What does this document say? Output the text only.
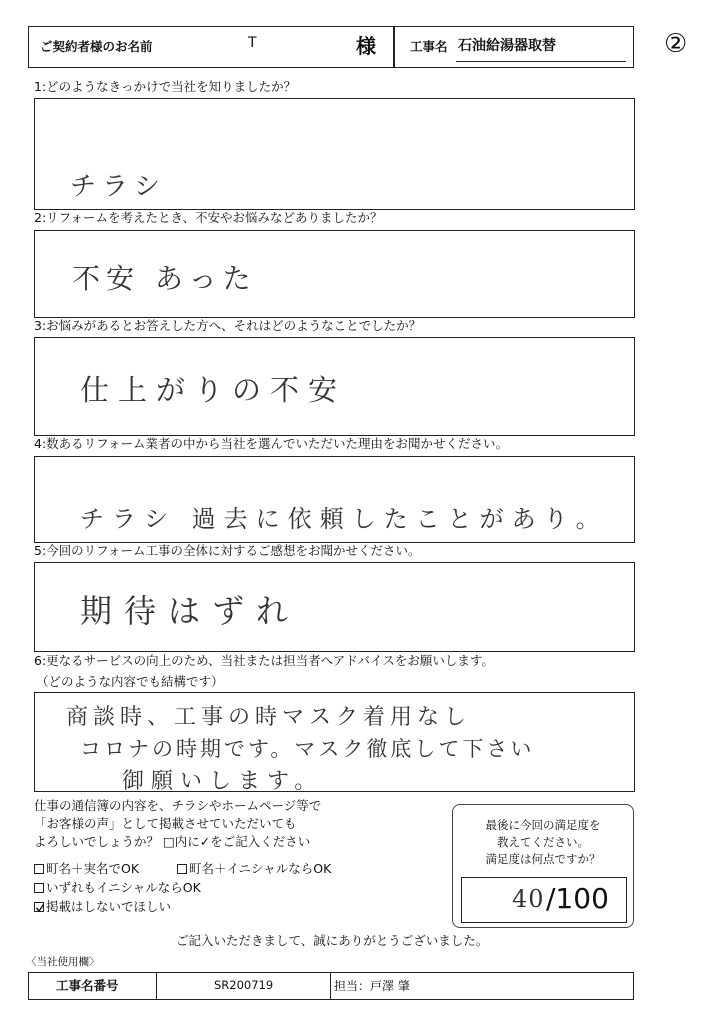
ご契約者様のお名前	T	様	工事名 石油給湯器取替	②
1:どのようなきっかけで当社を知りましたか？
チラシ
2:リフォームを考えたとき、不安やお悩みなどありましたか？
不安 あった
3:お悩みがあるとお答えした方へ、それはどのようなことでしたか？
仕上がりの不安
4:数あるリフォーム業者の中から当社を選んでいただいた理由をお聞かせください。
チラシ 過去に依頼したことがあり。
5:今回のリフォーム工事の全体に対するご感想をお聞かせください。
期待はずれ
6:更なるサービスの向上のため、当社または担当者へアドバイスをお願いします。
（どのような内容でも結構です）
商談時、工事の時マスク着用なし
コロナの時期です。マスク徹底して下さい
御願いします。
仕事の通信簿の内容を、チラシやホームページ等で
「お客様の声」として掲載させていただいても
よろしいでしょうか？ □内に✓をご記入ください
町名＋実名でOK	町名＋イニシャルならOK
いずれもイニシャルならOK
掲載はしないでほしい
最後に今回の満足度を
教えてください。
満足度は何点ですか？
40 /100
ご記入いただきまして、誠にありがとうございました。
〈当社使用欄〉
工事名番号	SR200719	担当：戸澤 肇
